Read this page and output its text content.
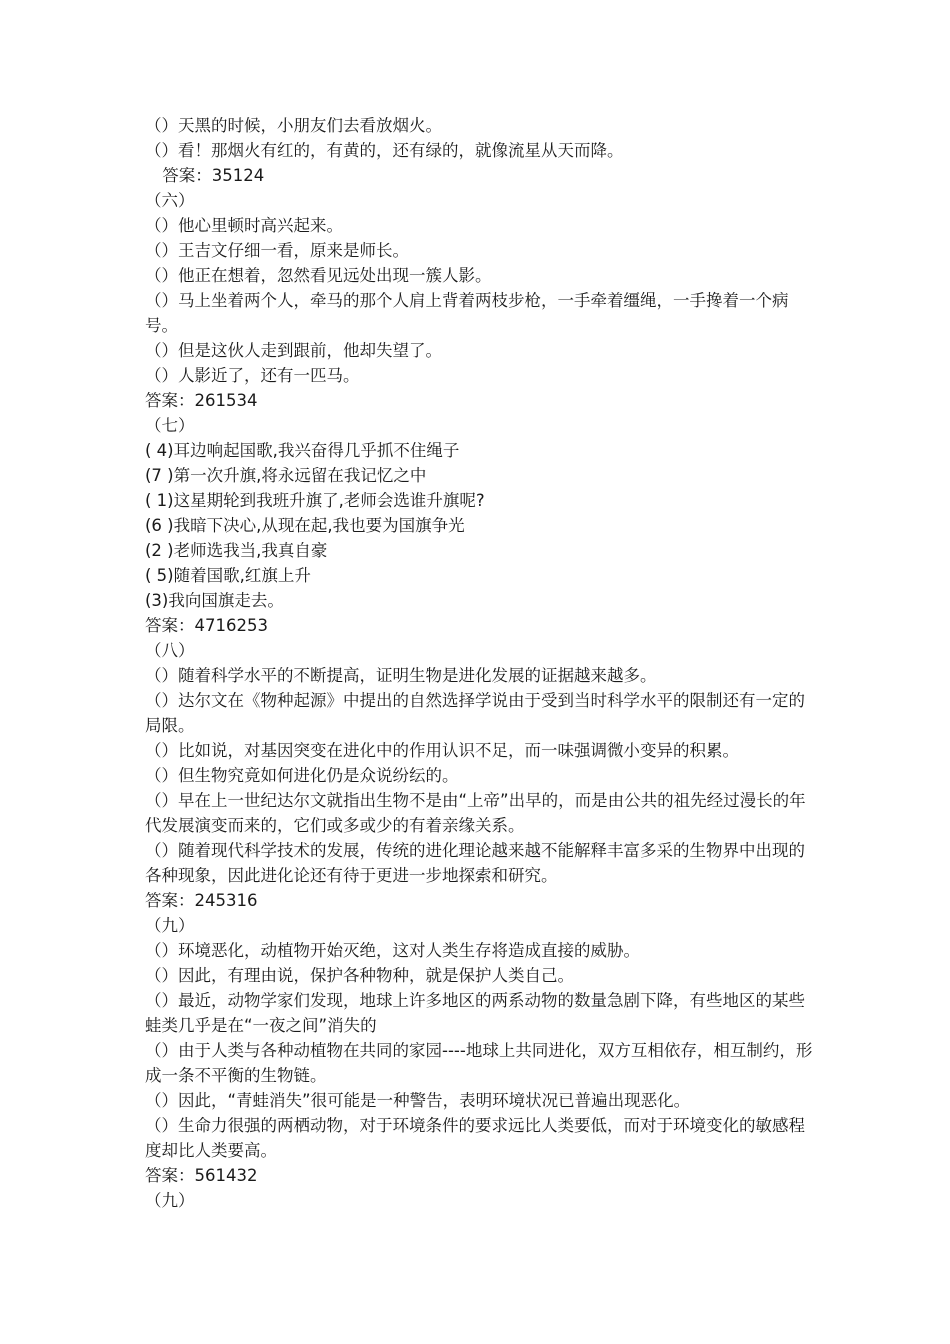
（）天黑的时候，小朋友们去看放烟火。

（）看！那烟火有红的，有黄的，还有绿的，就像流星从天而降。

答案：35124

（六）

（）他心里顿时高兴起来。

（）王吉文仔细一看，原来是师长。

（）他正在想着，忽然看见远处出现一簇人影。

（）马上坐着两个人，牵马的那个人肩上背着两枝步枪，一手牵着缰绳，一手搀着一个病号。

（）但是这伙人走到跟前，他却失望了。

（）人影近了，还有一匹马。

答案：261534

（七）

( 4)耳边响起国歌,我兴奋得几乎抓不住绳子

(7 )第一次升旗,将永远留在我记忆之中

( 1)这星期轮到我班升旗了,老师会选谁升旗呢?

(6 )我暗下决心,从现在起,我也要为国旗争光

(2 )老师选我当,我真自豪

( 5)随着国歌,红旗上升

(3)我向国旗走去。

答案：4716253

（八）

（）随着科学水平的不断提高，证明生物是进化发展的证据越来越多。

（）达尔文在《物种起源》中提出的自然选择学说由于受到当时科学水平的限制还有一定的局限。

（）比如说，对基因突变在进化中的作用认识不足，而一味强调微小变异的积累。

（）但生物究竟如何进化仍是众说纷纭的。

（）早在上一世纪达尔文就指出生物不是由“上帝”出早的，而是由公共的祖先经过漫长的年代发展演变而来的，它们或多或少的有着亲缘关系。

（）随着现代科学技术的发展，传统的进化理论越来越不能解释丰富多采的生物界中出现的各种现象，因此进化论还有待于更进一步地探索和研究。

答案：245316

（九）

（）环境恶化，动植物开始灭绝，这对人类生存将造成直接的威胁。

（）因此，有理由说，保护各种物种，就是保护人类自己。

（）最近，动物学家们发现，地球上许多地区的两系动物的数量急剧下降，有些地区的某些蛙类几乎是在“一夜之间”消失的

（）由于人类与各种动植物在共同的家园----地球上共同进化，双方互相依存，相互制约，形成一条不平衡的生物链。

（）因此，“青蛙消失”很可能是一种警告，表明环境状况已普遍出现恶化。

（）生命力很强的两栖动物，对于环境条件的要求远比人类要低，而对于环境变化的敏感程度却比人类要高。

答案：561432

（九）
